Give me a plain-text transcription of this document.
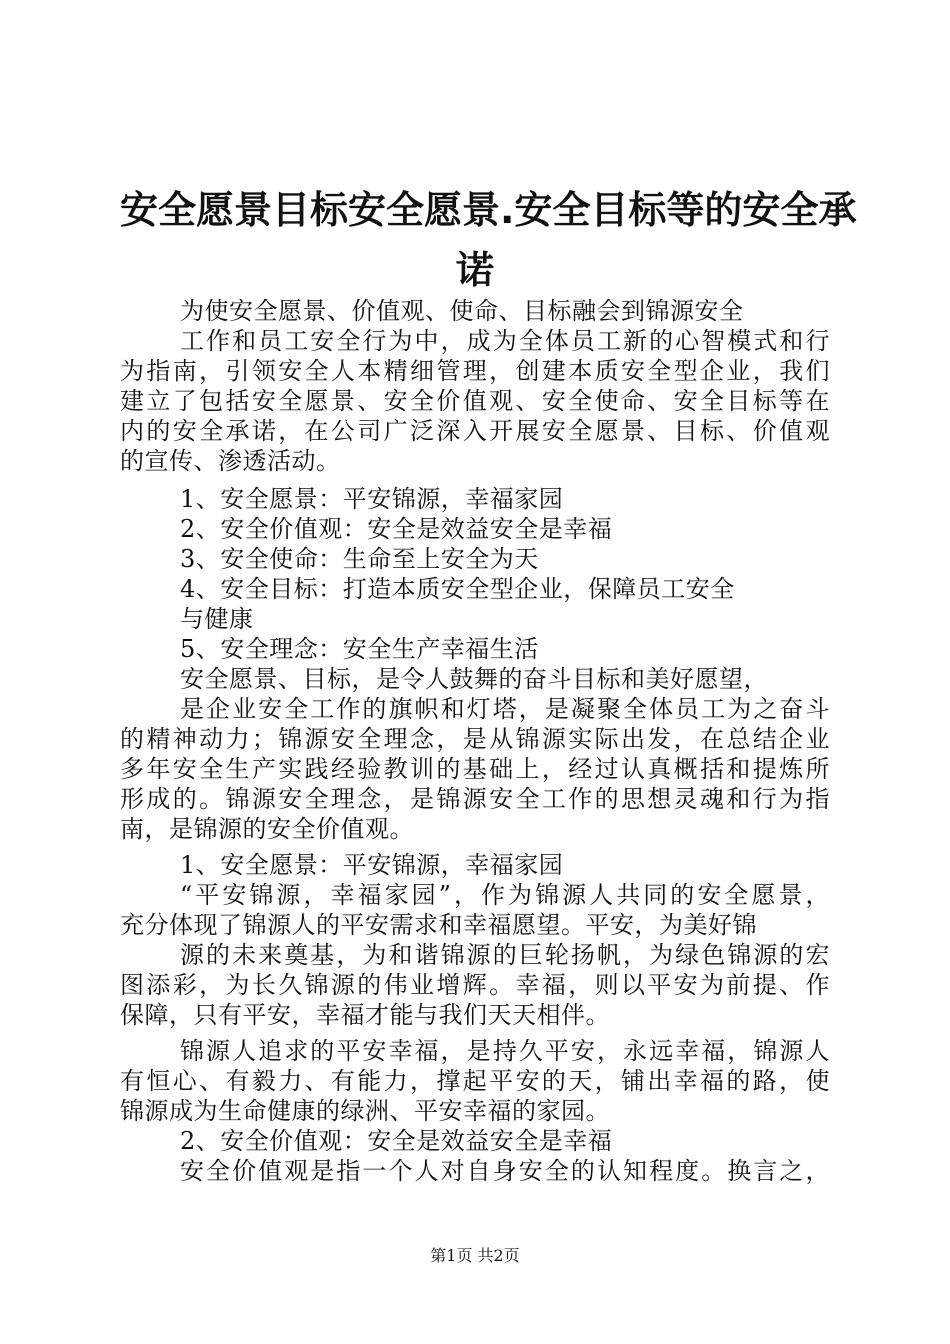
安全愿景目标安全愿景.安全目标等的安全承
诺
为使安全愿景、价值观、使命、目标融会到锦源安全
工作和员工安全行为中，成为全体员工新的心智模式和行
为指南，引领安全人本精细管理，创建本质安全型企业，我们
建立了包括安全愿景、安全价值观、安全使命、安全目标等在
内的安全承诺，在公司广泛深入开展安全愿景、目标、价值观
的宣传、渗透活动。
1、安全愿景：平安锦源，幸福家园
2、安全价值观：安全是效益安全是幸福
3、安全使命：生命至上安全为天
4、安全目标：打造本质安全型企业，保障员工安全
与健康
5、安全理念：安全生产幸福生活
安全愿景、目标，是令人鼓舞的奋斗目标和美好愿望，
是企业安全工作的旗帜和灯塔，是凝聚全体员工为之奋斗
的精神动力；锦源安全理念，是从锦源实际出发，在总结企业
多年安全生产实践经验教训的基础上，经过认真概括和提炼所
形成的。锦源安全理念，是锦源安全工作的思想灵魂和行为指
南，是锦源的安全价值观。
1、安全愿景：平安锦源，幸福家园
“平安锦源，幸福家园”，作为锦源人共同的安全愿景，
充分体现了锦源人的平安需求和幸福愿望。平安，为美好锦
源的未来奠基，为和谐锦源的巨轮扬帆，为绿色锦源的宏
图添彩，为长久锦源的伟业增辉。幸福，则以平安为前提、作
保障，只有平安，幸福才能与我们天天相伴。
锦源人追求的平安幸福，是持久平安，永远幸福，锦源人
有恒心、有毅力、有能力，撑起平安的天，铺出幸福的路，使
锦源成为生命健康的绿洲、平安幸福的家园。
2、安全价值观：安全是效益安全是幸福
安全价值观是指一个人对自身安全的认知程度。换言之，
第1页 共2页
